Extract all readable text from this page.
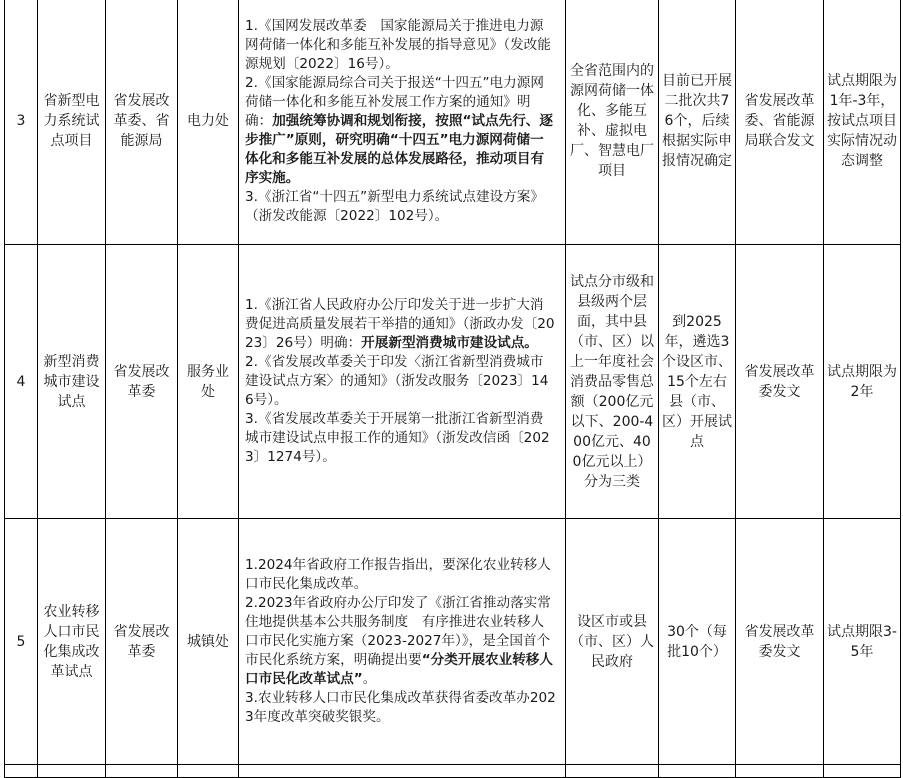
3	省新型电力系统试点项目	省发展改革委、省能源局	电力处	1.《国网发展改革委　国家能源局关于推进电力源网荷储一体化和多能互补发展的指导意见》（发改能源规划〔2022〕16号）。

2.《国家能源局综合司关于报送“十四五”电力源网荷储一体化和多能互补发展工作方案的通知》明确：加强统筹协调和规划衔接，按照“试点先行、逐步推广”原则，研究明确“十四五”电力源网荷储一体化和多能互补发展的总体发展路径，推动项目有序实施。

3.《浙江省“十四五”新型电力系统试点建设方案》（浙发改能源〔2022〕102号）。	全省范围内的源网荷储一体化、多能互补、虚拟电厂、智慧电厂项目	目前已开展二批次共76个，后续根据实际申报情况确定	省发展改革委、省能源局联合发文	试点期限为1年-3年，按试点项目实际情况动态调整
4	新型消费城市建设试点	省发展改革委	服务业处	1.《浙江省人民政府办公厅印发关于进一步扩大消费促进高质量发展若干举措的通知》（浙政办发〔2023〕26号）明确：开展新型消费城市建设试点。

2.《省发展改革委关于印发〈浙江省新型消费城市建设试点方案〉的通知》（浙发改服务〔2023〕146号）。

3.《省发展改革委关于开展第一批浙江省新型消费城市建设试点申报工作的通知》（浙发改信函〔2023〕1274号）。	试点分市级和县级两个层面，其中县（市、区）以上一年度社会消费品零售总额（200亿元以下、200-400亿元、400亿元以上）分为三类	到2025年，遴选3个设区市、15个左右县（市、区）开展试点	省发展改革委发文	试点期限为2年
5	农业转移人口市民化集成改革试点	省发展改革委	城镇处	1.2024年省政府工作报告指出，要深化农业转移人口市民化集成改革。

2.2023年省政府办公厅印发了《浙江省推动落实常住地提供基本公共服务制度　有序推进农业转移人口市民化实施方案（2023-2027年）》，是全国首个市民化系统方案，明确提出要“分类开展农业转移人口市民化改革试点”。

3.农业转移人口市民化集成改革获得省委改革办2023年度改革突破奖银奖。	设区市或县（市、区）人民政府	30个（每批10个）	省发展改革委发文	试点期限3-5年
